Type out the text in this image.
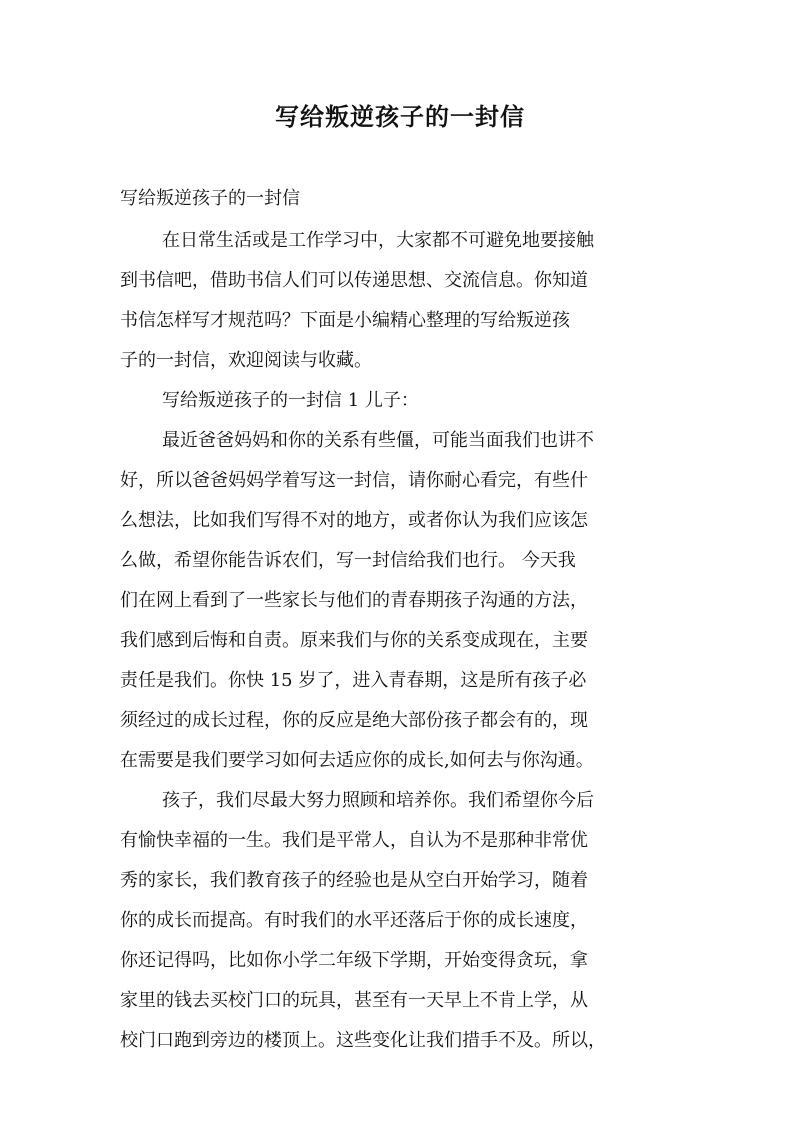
写给叛逆孩子的一封信

写给叛逆孩子的一封信

在日常生活或是工作学习中，大家都不可避免地要接触

到书信吧，借助书信人们可以传递思想、交流信息。你知道

书信怎样写才规范吗？下面是小编精心整理的写给叛逆孩

子的一封信，欢迎阅读与收藏。

写给叛逆孩子的一封信 1 儿子：

最近爸爸妈妈和你的关系有些僵，可能当面我们也讲不

好，所以爸爸妈妈学着写这一封信，请你耐心看完，有些什

么想法，比如我们写得不对的地方，或者你认为我们应该怎

么做，希望你能告诉农们，写一封信给我们也行。 今天我

们在网上看到了一些家长与他们的青春期孩子沟通的方法，

我们感到后悔和自责。原来我们与你的关系变成现在，主要

责任是我们。你快 15 岁了，进入青春期，这是所有孩子必

须经过的成长过程，你的反应是绝大部份孩子都会有的，现

在需要是我们要学习如何去适应你的成长,如何去与你沟通。

孩子，我们尽最大努力照顾和培养你。我们希望你今后

有愉快幸福的一生。我们是平常人，自认为不是那种非常优

秀的家长，我们教育孩子的经验也是从空白开始学习，随着

你的成长而提高。有时我们的水平还落后于你的成长速度，

你还记得吗，比如你小学二年级下学期，开始变得贪玩，拿

家里的钱去买校门口的玩具，甚至有一天早上不肯上学，从

校门口跑到旁边的楼顶上。这些变化让我们措手不及。所以，
